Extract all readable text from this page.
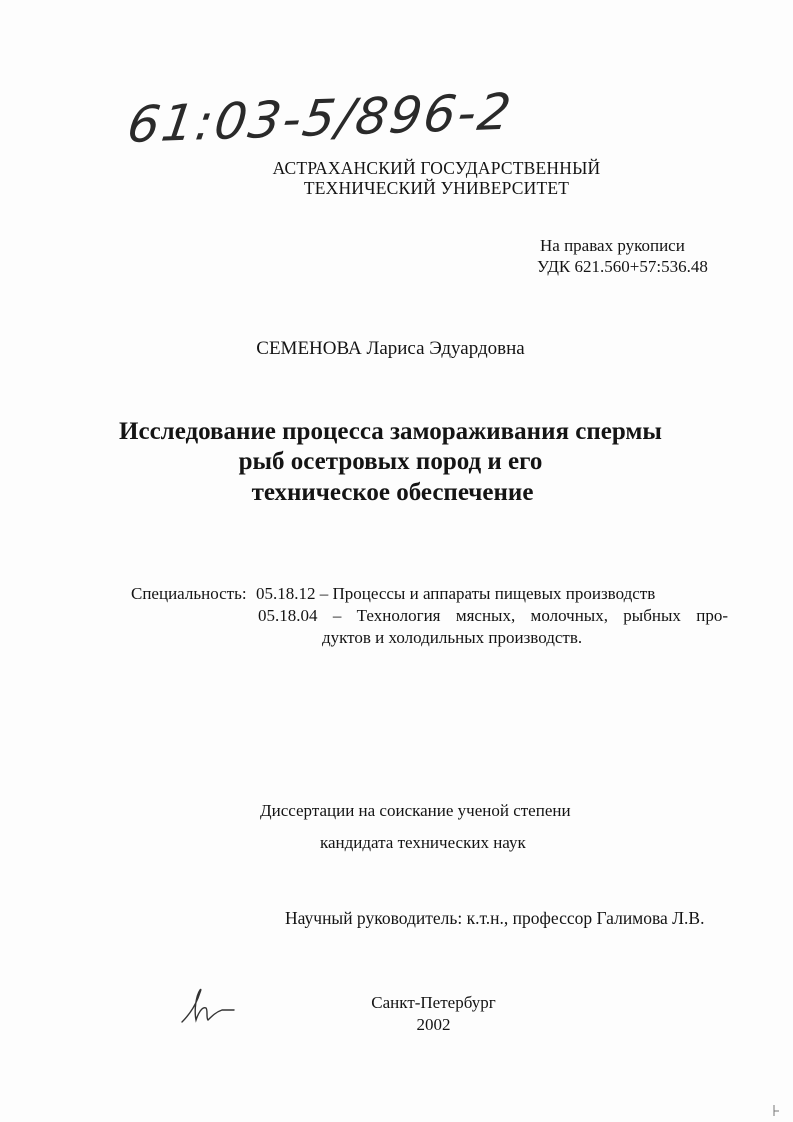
61:03-5/896-2
АСТРАХАНСКИЙ ГОСУДАРСТВЕННЫЙ
ТЕХНИЧЕСКИЙ УНИВЕРСИТЕТ
На правах рукописи
УДК 621.560+57:536.48
СЕМЕНОВА Лариса Эдуардовна
Исследование процесса замораживания спермы
рыб осетровых пород и его
техническое обеспечение
Специальность: 05.18.12 – Процессы и аппараты пищевых производств
05.18.04 – Технология мясных, молочных, рыбных про-
дуктов и холодильных производств.
Диссертации на соискание ученой степени
кандидата технических наук
Научный руководитель: к.т.н., профессор Галимова Л.В.
Санкт-Петербург
2002
